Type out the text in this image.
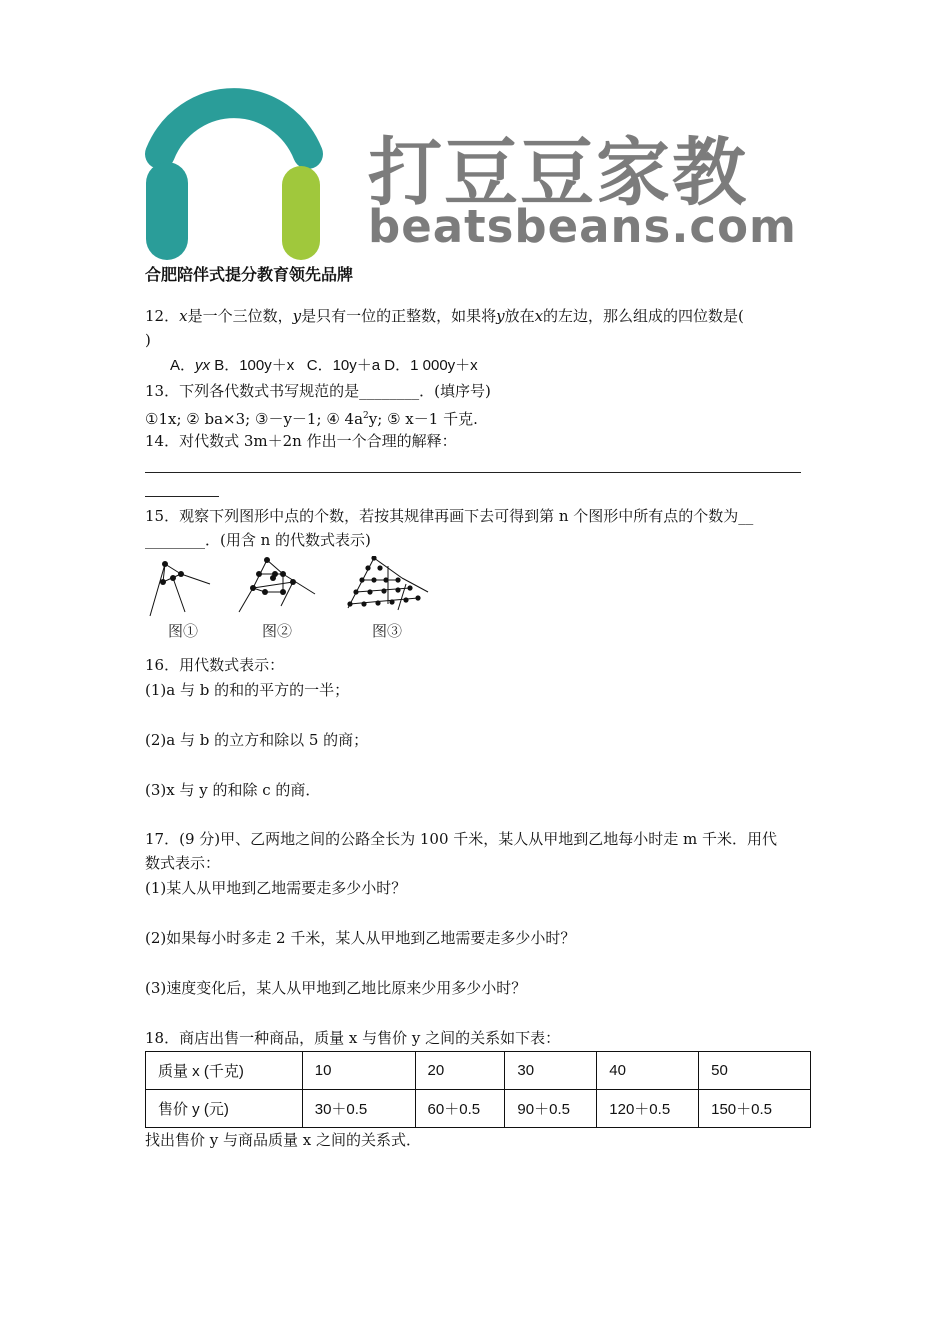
打豆豆家教
beatsbeans.com
合肥陪伴式提分教育领先品牌
12．x是一个三位数，y是只有一位的正整数，如果将y放在x的左边，那么组成的四位数是(
)
A．yx B．100y＋x C．10y＋a D．1 000y＋x
13．下列各代数式书写规范的是________．(填序号)
①1x; ② ba×3; ③－y－1; ④ $4a^2y$; ⑤ x－1 千克.
14．对代数式 3m＋2n 作出一个合理的解释：
15．观察下列图形中点的个数，若按其规律再画下去可得到第 n 个图形中所有点的个数为__
________．(用含 n 的代数式表示)
图①	图②	图③
16．用代数式表示：
(1)a 与 b 的和的平方的一半；
(2)a 与 b 的立方和除以 5 的商；
(3)x 与 y 的和除 c 的商．
17．(9 分)甲、乙两地之间的公路全长为 100 千米，某人从甲地到乙地每小时走 m 千米．用代
数式表示：
(1)某人从甲地到乙地需要走多少小时？
(2)如果每小时多走 2 千米，某人从甲地到乙地需要走多少小时？
(3)速度变化后，某人从甲地到乙地比原来少用多少小时？
18．商店出售一种商品，质量 x 与售价 y 之间的关系如下表：
质量 x (千克)	10	20	30	40	50
售价 y (元)	30＋0.5	60＋0.5	90＋0.5	120＋0.5	150＋0.5
找出售价 y 与商品质量 x 之间的关系式．
